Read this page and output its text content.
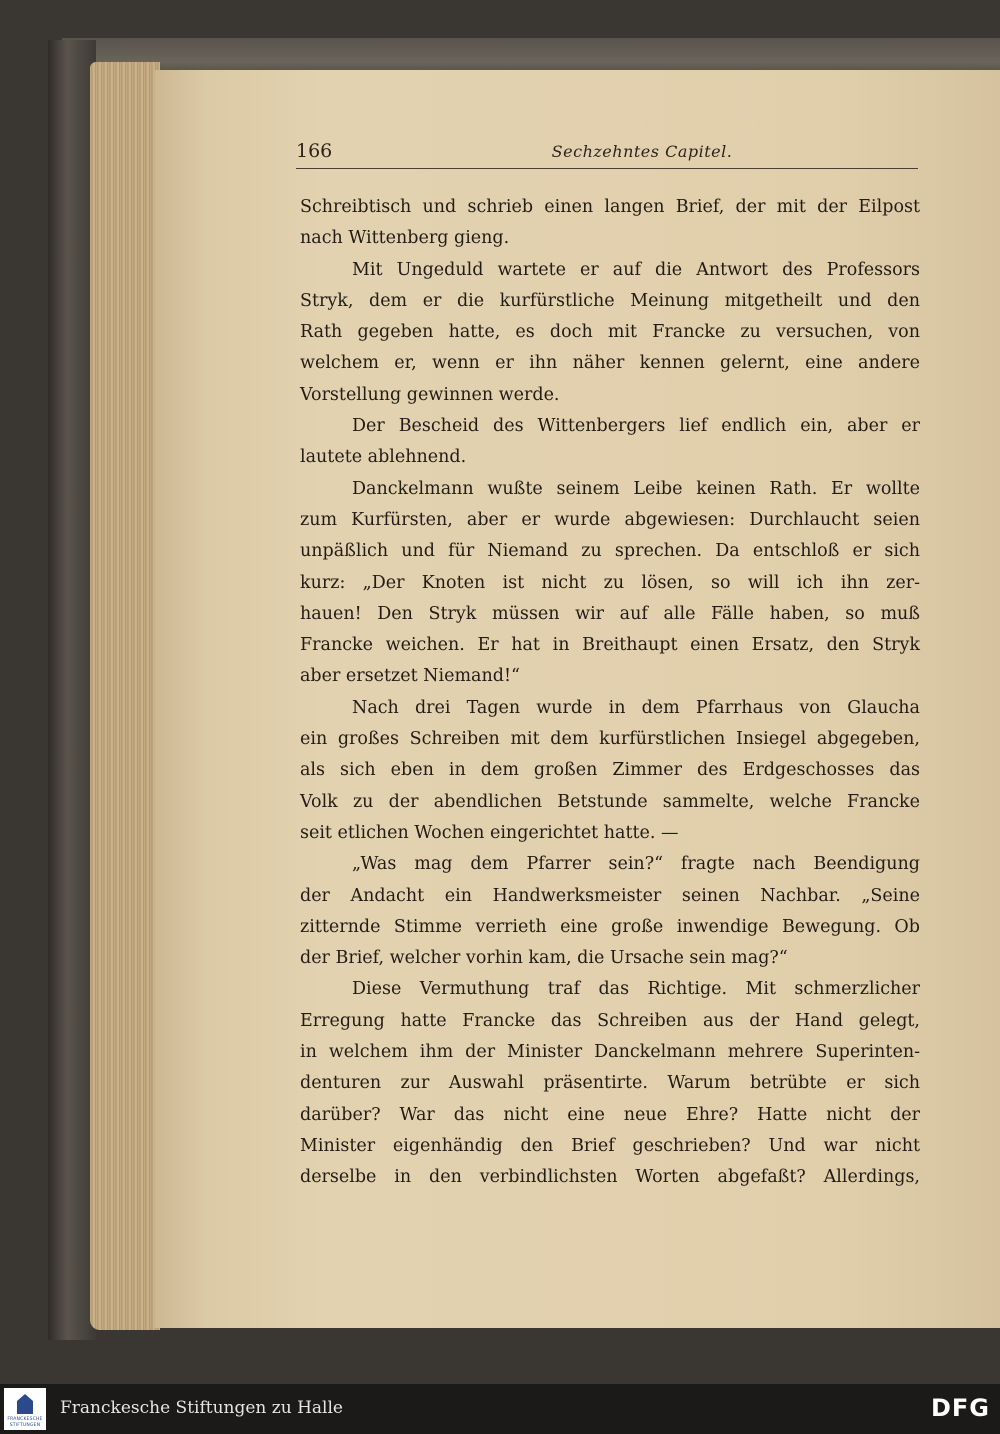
166	Sechzehntes Capitel.
Schreibtisch und schrieb einen langen Brief, der mit der Eilpost
nach Wittenberg gieng.
Mit Ungeduld wartete er auf die Antwort des Professors
Stryk, dem er die kurfürstliche Meinung mitgetheilt und den
Rath gegeben hatte, es doch mit Francke zu versuchen, von
welchem er, wenn er ihn näher kennen gelernt, eine andere
Vorstellung gewinnen werde.
Der Bescheid des Wittenbergers lief endlich ein, aber er
lautete ablehnend.
Danckelmann wußte seinem Leibe keinen Rath. Er wollte
zum Kurfürsten, aber er wurde abgewiesen: Durchlaucht seien
unpäßlich und für Niemand zu sprechen. Da entschloß er sich
kurz: „Der Knoten ist nicht zu lösen, so will ich ihn zer-
hauen! Den Stryk müssen wir auf alle Fälle haben, so muß
Francke weichen. Er hat in Breithaupt einen Ersatz, den Stryk
aber ersetzet Niemand!“
Nach drei Tagen wurde in dem Pfarrhaus von Glaucha
ein großes Schreiben mit dem kurfürstlichen Insiegel abgegeben,
als sich eben in dem großen Zimmer des Erdgeschosses das
Volk zu der abendlichen Betstunde sammelte, welche Francke
seit etlichen Wochen eingerichtet hatte. —
„Was mag dem Pfarrer sein?“ fragte nach Beendigung
der Andacht ein Handwerksmeister seinen Nachbar. „Seine
zitternde Stimme verrieth eine große inwendige Bewegung. Ob
der Brief, welcher vorhin kam, die Ursache sein mag?“
Diese Vermuthung traf das Richtige. Mit schmerzlicher
Erregung hatte Francke das Schreiben aus der Hand gelegt,
in welchem ihm der Minister Danckelmann mehrere Superinten-
denturen zur Auswahl präsentirte. Warum betrübte er sich
darüber? War das nicht eine neue Ehre? Hatte nicht der
Minister eigenhändig den Brief geschrieben? Und war nicht
derselbe in den verbindlichsten Worten abgefaßt? Allerdings,
FRANCKESCHE
STIFTUNGEN
Franckesche Stiftungen zu Halle	DFG
